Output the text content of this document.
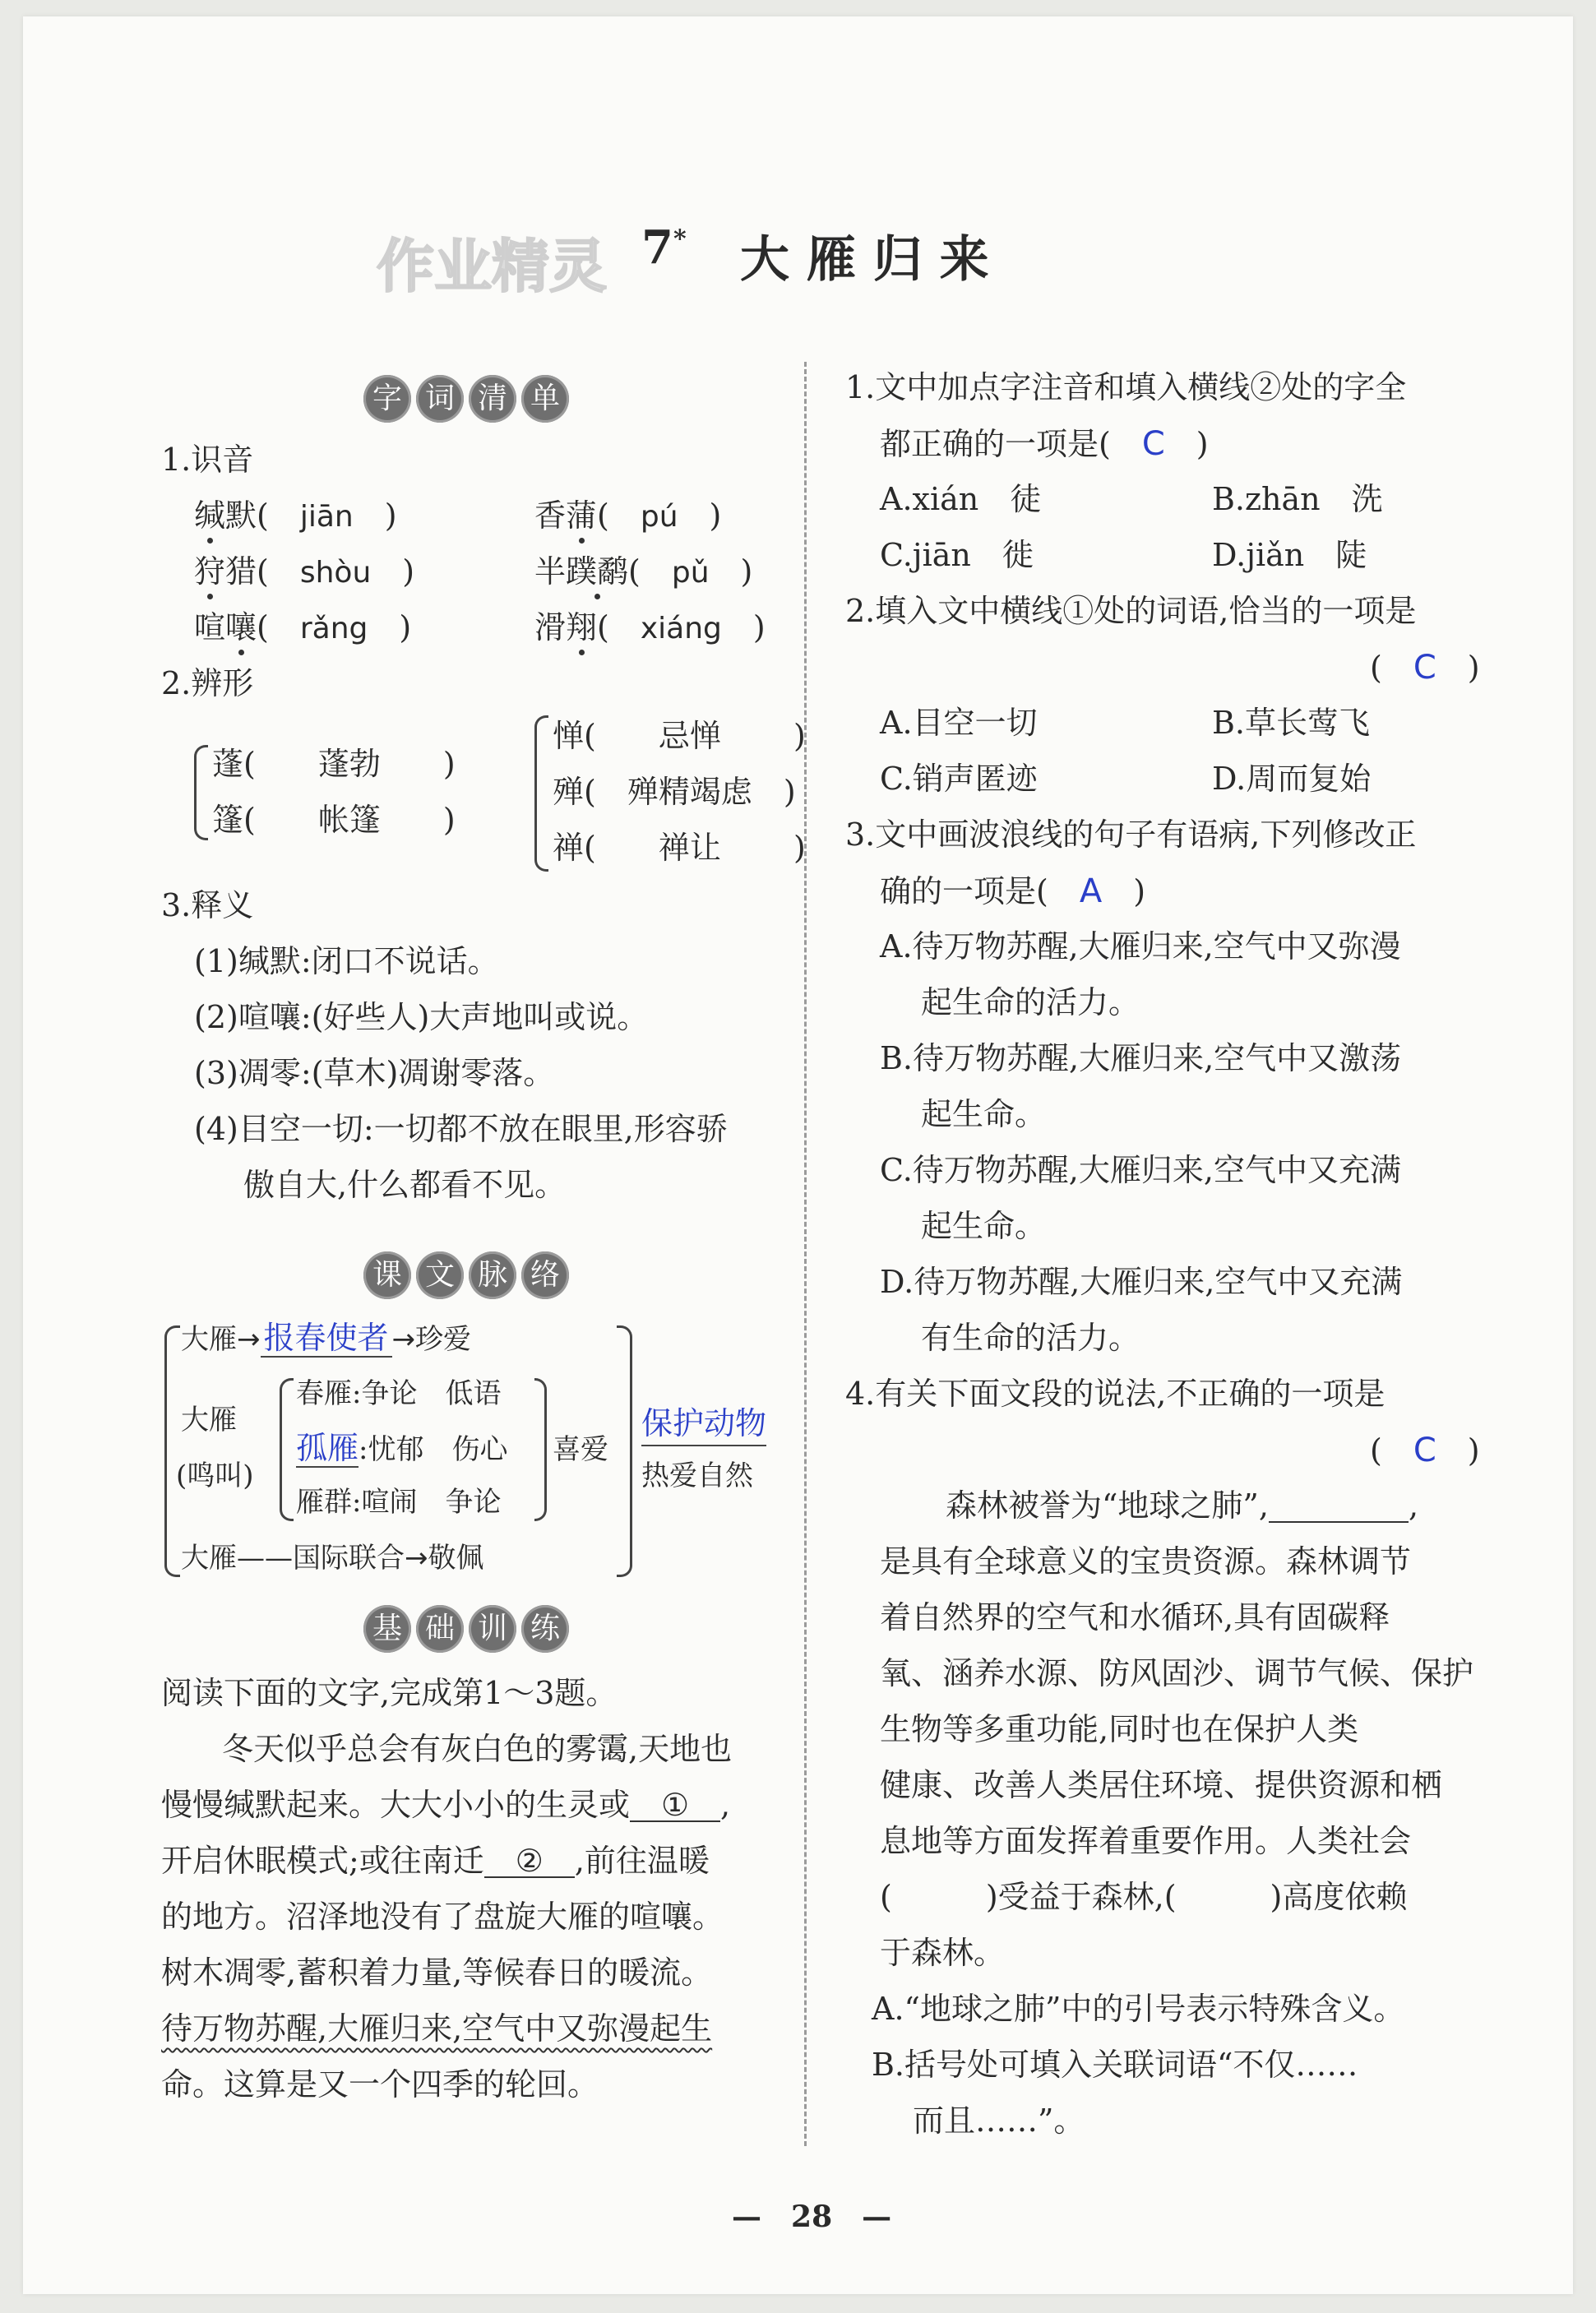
作业精灵 7* 大 雁 归 来
字 词 清 单
1.识音
缄默(　jiān　)	香蒲(　pú　)
狩猎(　shòu　)	半蹼鹬(　pǔ　)
喧嚷(　rǎng　)	滑翔(　xiáng　)
2.辨形
蓬(　　蓬勃　　)
篷(　　帐篷　　)
惮(　　忌惮　　 )
殚(　殚精竭虑　)
禅(　　禅让　　 )
3.释义
(1)缄默:闭口不说话。
(2)喧嚷:(好些人)大声地叫或说。
(3)凋零:(草木)凋谢零落。
(4)目空一切:一切都不放在眼里,形容骄
傲自大,什么都看不见。
课 文 脉 络
大雁→ 报春使者 →珍爱
大雁
(鸣叫)
春雁:争论　低语
孤雁:忧郁　伤心
雁群:喧闹　争论
喜爱
保护动物
热爱自然
大雁——国际联合→敬佩
基 础 训 练
阅读下面的文字,完成第1～3题。
冬天似乎总会有灰白色的雾霭,天地也
慢慢缄默起来。大大小小的生灵或 ① ,
开启休眠模式;或往南迁 ② ,前往温暖
的地方。沼泽地没有了盘旋大雁的喧嚷。
树木凋零,蓄积着力量,等候春日的暖流。
待万物苏醒,大雁归来,空气中又弥漫起生
命。这算是又一个四季的轮回。
1.文中加点字注音和填入横线②处的字全
都正确的一项是(　 C　 )
A.xián　徒	B.zhān　洗
C.jiān　徙	D.jiǎn　陡
2.填入文中横线①处的词语,恰当的一项是
(　 C　 )
A.目空一切	B.草长莺飞
C.销声匿迹	D.周而复始
3.文中画波浪线的句子有语病,下列修改正
确的一项是(　 A　 )
A.待万物苏醒,大雁归来,空气中又弥漫
起生命的活力。
B.待万物苏醒,大雁归来,空气中又激荡
起生命。
C.待万物苏醒,大雁归来,空气中又充满
起生命。
D.待万物苏醒,大雁归来,空气中又充满
有生命的活力。
4.有关下面文段的说法,不正确的一项是
(　 C　 )
森林被誉为“地球之肺”,	,
是具有全球意义的宝贵资源。森林调节
着自然界的空气和水循环,具有固碳释
氧、涵养水源、防风固沙、调节气候、保护
生物等多重功能,同时也在保护人类
健康、改善人类居住环境、提供资源和栖
息地等方面发挥着重要作用。人类社会
(　　　)受益于森林,(　　　)高度依赖
于森林。
A.“地球之肺”中的引号表示特殊含义。
B.括号处可填入关联词语“不仅……
而且……”。
—　28　—
